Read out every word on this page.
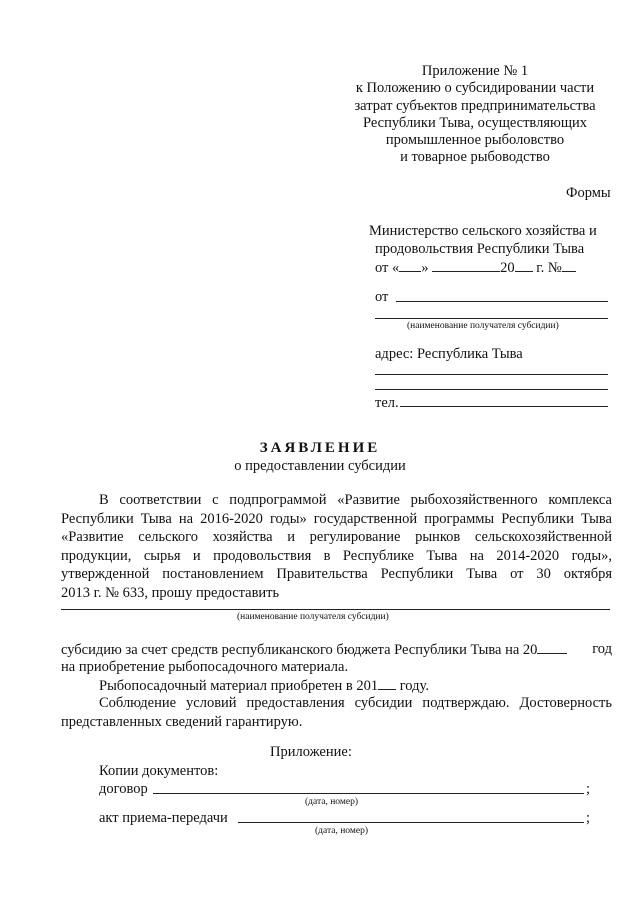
Приложение № 1
к Положению о субсидировании части
затрат субъектов предпринимательства
Республики Тыва, осуществляющих
промышленное рыболовство
и товарное рыбоводство
Формы
Министерство сельского хозяйства и
продовольствия Республики Тыва
от « »	20 г. №
от
(наименование получателя субсидии)
адрес: Республика Тыва
тел.
ЗАЯВЛЕНИЕ
о предоставлении субсидии
В соответствии с подпрограммой «Развитие рыбохозяйственного комплекса
Республики Тыва на 2016-2020 годы» государственной программы Республики Тыва
«Развитие сельского хозяйства и регулирование рынков сельскохозяйственной
продукции, сырья и продовольствия в Республике Тыва на 2014-2020 годы»,
утвержденной постановлением Правительства Республики Тыва от 30 октября
2013 г. № 633, прошу предоставить
(наименование получателя субсидии)
субсидию за счет средств республиканского бюджета Республики Тыва на 20	год
на приобретение рыбопосадочного материала.
Рыбопосадочный материал приобретен в 201 году.
Соблюдение условий предоставления субсидии подтверждаю. Достоверность
представленных сведений гарантирую.
Приложение:
Копии документов:
договор	;
(дата, номер)
акт приема-передачи	;
(дата, номер)
